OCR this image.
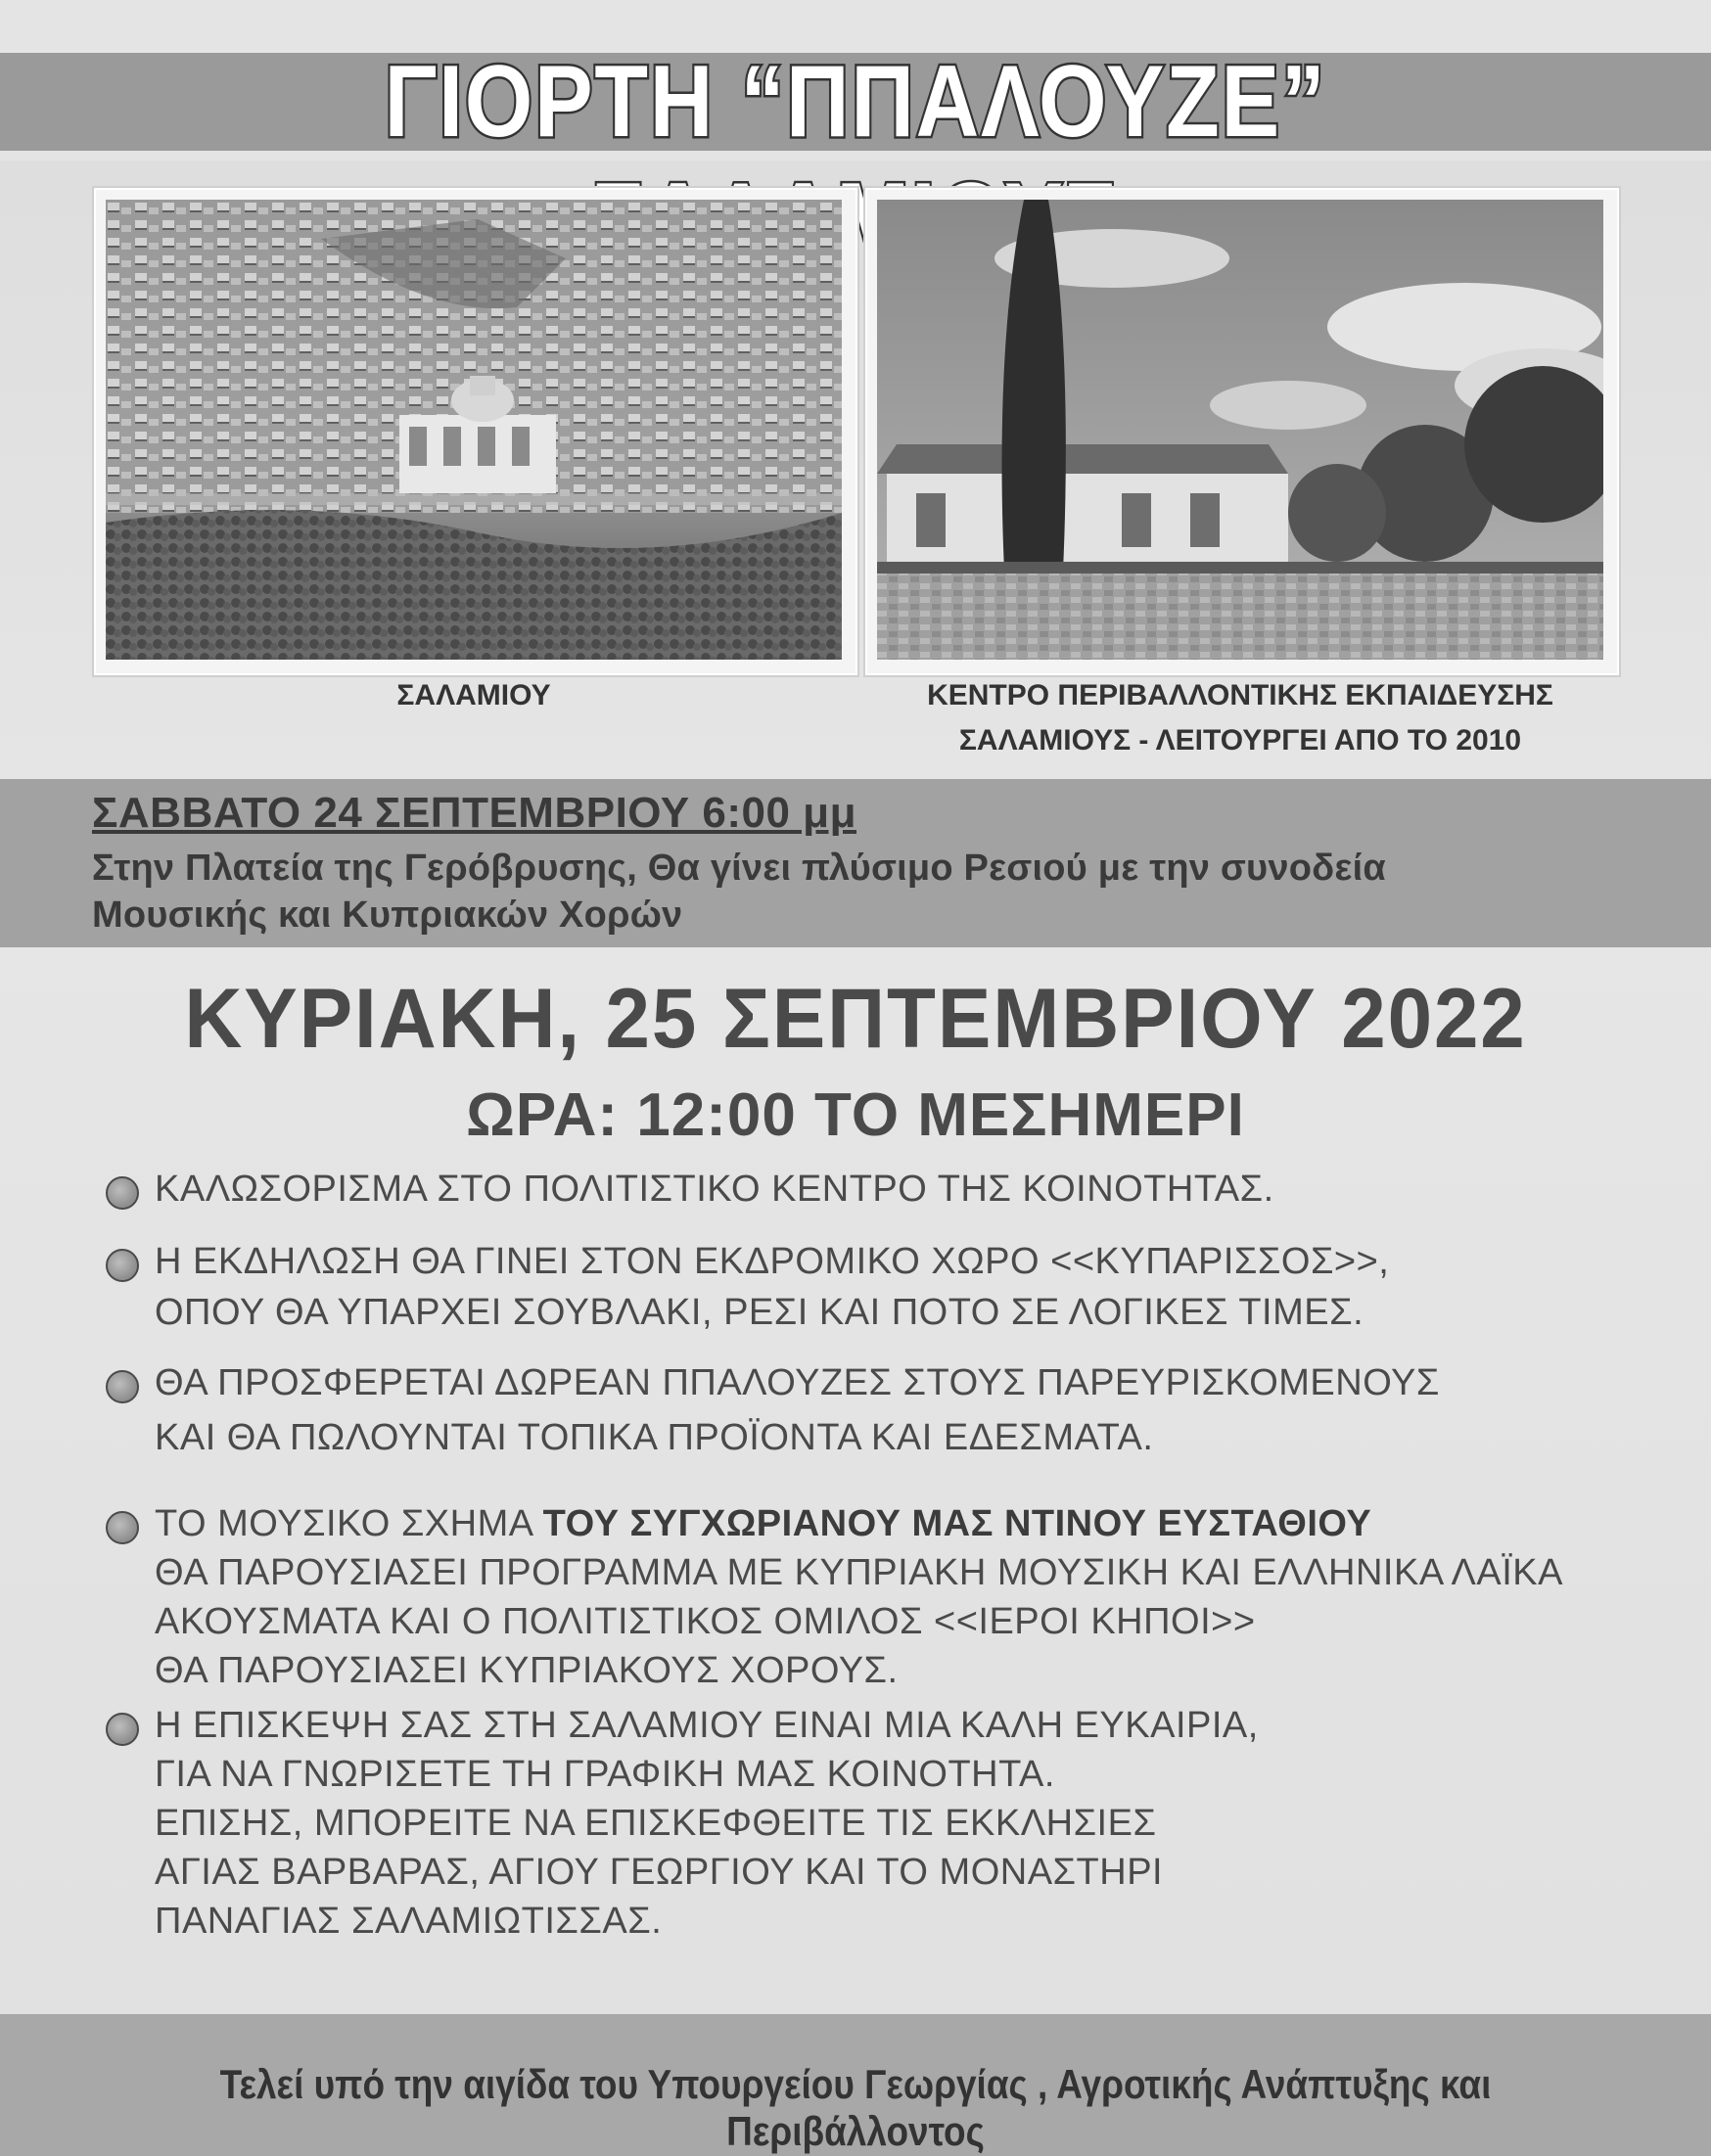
ΓΙΟΡΤΗ “ΠΠΑΛΟΥΖΕ”
ΣΑΛΑΜΙΟΥ	ΚΕΝΤΡΟ ΠΕΡΙΒΑΛΛΟΝΤΙΚΗΣ ΕΚΠΑΙΔΕΥΣΗΣ
ΣΑΛΑΜΙΟΥΣ - ΛΕΙΤΟΥΡΓΕΙ ΑΠΟ ΤΟ 2010
ΣΑΒΒΑΤΟ 24 ΣΕΠΤΕΜΒΡΙΟΥ 6:00 μμ
Στην Πλατεία της Γερόβρυσης, Θα γίνει πλύσιμο Ρεσιού με την συνοδεία
Μουσικής και Κυπριακών Χορών
ΚΥΡΙΑΚΗ, 25 ΣΕΠΤΕΜΒΡΙΟΥ 2022
ΩΡΑ: 12:00 ΤΟ ΜΕΣΗΜΕΡΙ
ΚΑΛΩΣΟΡΙΣΜΑ ΣΤΟ ΠΟΛΙΤΙΣΤΙΚΟ ΚΕΝΤΡΟ ΤΗΣ ΚΟΙΝΟΤΗΤΑΣ.
Η ΕΚΔΗΛΩΣΗ ΘΑ ΓΙΝΕΙ ΣΤΟΝ ΕΚΔΡΟΜΙΚΟ ΧΩΡΟ <<ΚΥΠΑΡΙΣΣΟΣ>>,
ΟΠΟΥ ΘΑ ΥΠΑΡΧΕΙ ΣΟΥΒΛΑΚΙ, ΡΕΣΙ ΚΑΙ ΠΟΤΟ ΣΕ ΛΟΓΙΚΕΣ ΤΙΜΕΣ.
ΘΑ ΠΡΟΣΦΕΡΕΤΑΙ ΔΩΡΕΑΝ ΠΠΑΛΟΥΖΕΣ ΣΤΟΥΣ ΠΑΡΕΥΡΙΣΚΟΜΕΝΟΥΣ
ΚΑΙ ΘΑ ΠΩΛΟΥΝΤΑΙ ΤΟΠΙΚΑ ΠΡΟΪΟΝΤΑ ΚΑΙ ΕΔΕΣΜΑΤΑ.
ΤΟ ΜΟΥΣΙΚΟ ΣΧΗΜΑ ΤΟΥ ΣΥΓΧΩΡΙΑΝΟΥ ΜΑΣ ΝΤΙΝΟΥ ΕΥΣΤΑΘΙΟΥ
ΘΑ ΠΑΡΟΥΣΙΑΣΕΙ ΠΡΟΓΡΑΜΜΑ ΜΕ ΚΥΠΡΙΑΚΗ ΜΟΥΣΙΚΗ ΚΑΙ ΕΛΛΗΝΙΚΑ ΛΑΪΚΑ
ΑΚΟΥΣΜΑΤΑ ΚΑΙ Ο ΠΟΛΙΤΙΣΤΙΚΟΣ ΟΜΙΛΟΣ <<ΙΕΡΟΙ ΚΗΠΟΙ>>
ΘΑ ΠΑΡΟΥΣΙΑΣΕΙ ΚΥΠΡΙΑΚΟΥΣ ΧΟΡΟΥΣ.
Η ΕΠΙΣΚΕΨΗ ΣΑΣ ΣΤΗ ΣΑΛΑΜΙΟΥ ΕΙΝΑΙ ΜΙΑ ΚΑΛΗ ΕΥΚΑΙΡΙΑ,
ΓΙΑ ΝΑ ΓΝΩΡΙΣΕΤΕ ΤΗ ΓΡΑΦΙΚΗ ΜΑΣ ΚΟΙΝΟΤΗΤΑ.
ΕΠΙΣΗΣ, ΜΠΟΡΕΙΤΕ ΝΑ ΕΠΙΣΚΕΦΘΕΙΤΕ ΤΙΣ ΕΚΚΛΗΣΙΕΣ
ΑΓΙΑΣ ΒΑΡΒΑΡΑΣ, ΑΓΙΟΥ ΓΕΩΡΓΙΟΥ ΚΑΙ ΤΟ ΜΟΝΑΣΤΗΡΙ
ΠΑΝΑΓΙΑΣ ΣΑΛΑΜΙΩΤΙΣΣΑΣ.
Τελεί υπό την αιγίδα του Υπουργείου Γεωργίας , Αγροτικής Ανάπτυξης και Περιβάλλοντος
